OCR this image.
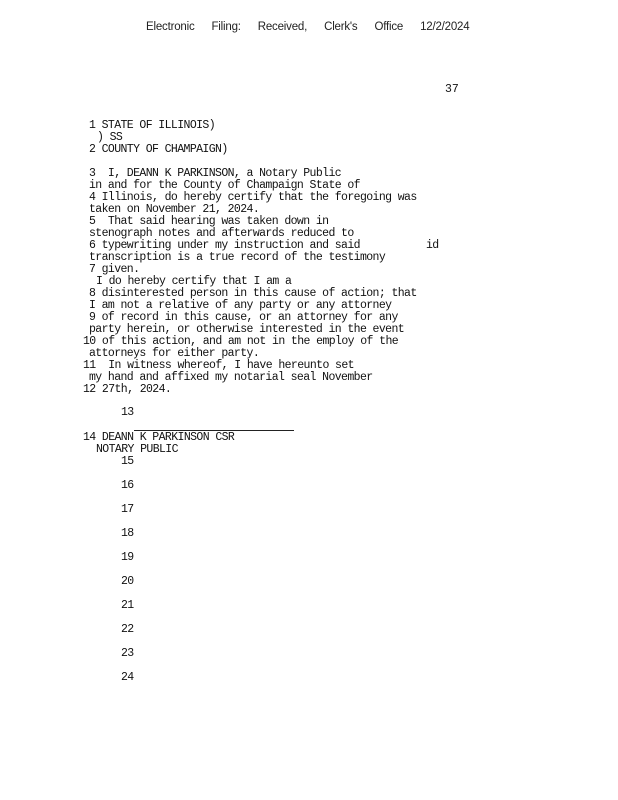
Electronic Filing: Received, Clerk's Office 12/2/2024
37
1 STATE OF ILLINOIS)
) SS
2 COUNTY OF CHAMPAIGN)
3  I, DEANN K PARKINSON, a Notary Public
in and for the County of Champaign State of
4 Illinois, do hereby certify that the foregoing was
taken on November 21, 2024.
5  That said hearing was taken down in
stenograph notes and afterwards reduced to
6 typewriting under my instruction and said	id
transcription is a true record of the testimony
7 given.
I do hereby certify that I am a
8 disinterested person in this cause of action; that
I am not a relative of any party or any attorney
9 of record in this cause, or an attorney for any
party herein, or otherwise interested in the event
10 of this action, and am not in the employ of the
attorneys for either party.
11  In witness whereof, I have hereunto set
my hand and affixed my notarial seal November
12 27th, 2024.
13
14 DEANN K PARKINSON CSR
NOTARY PUBLIC
15
16
17
18
19
20
21
22
23
24
